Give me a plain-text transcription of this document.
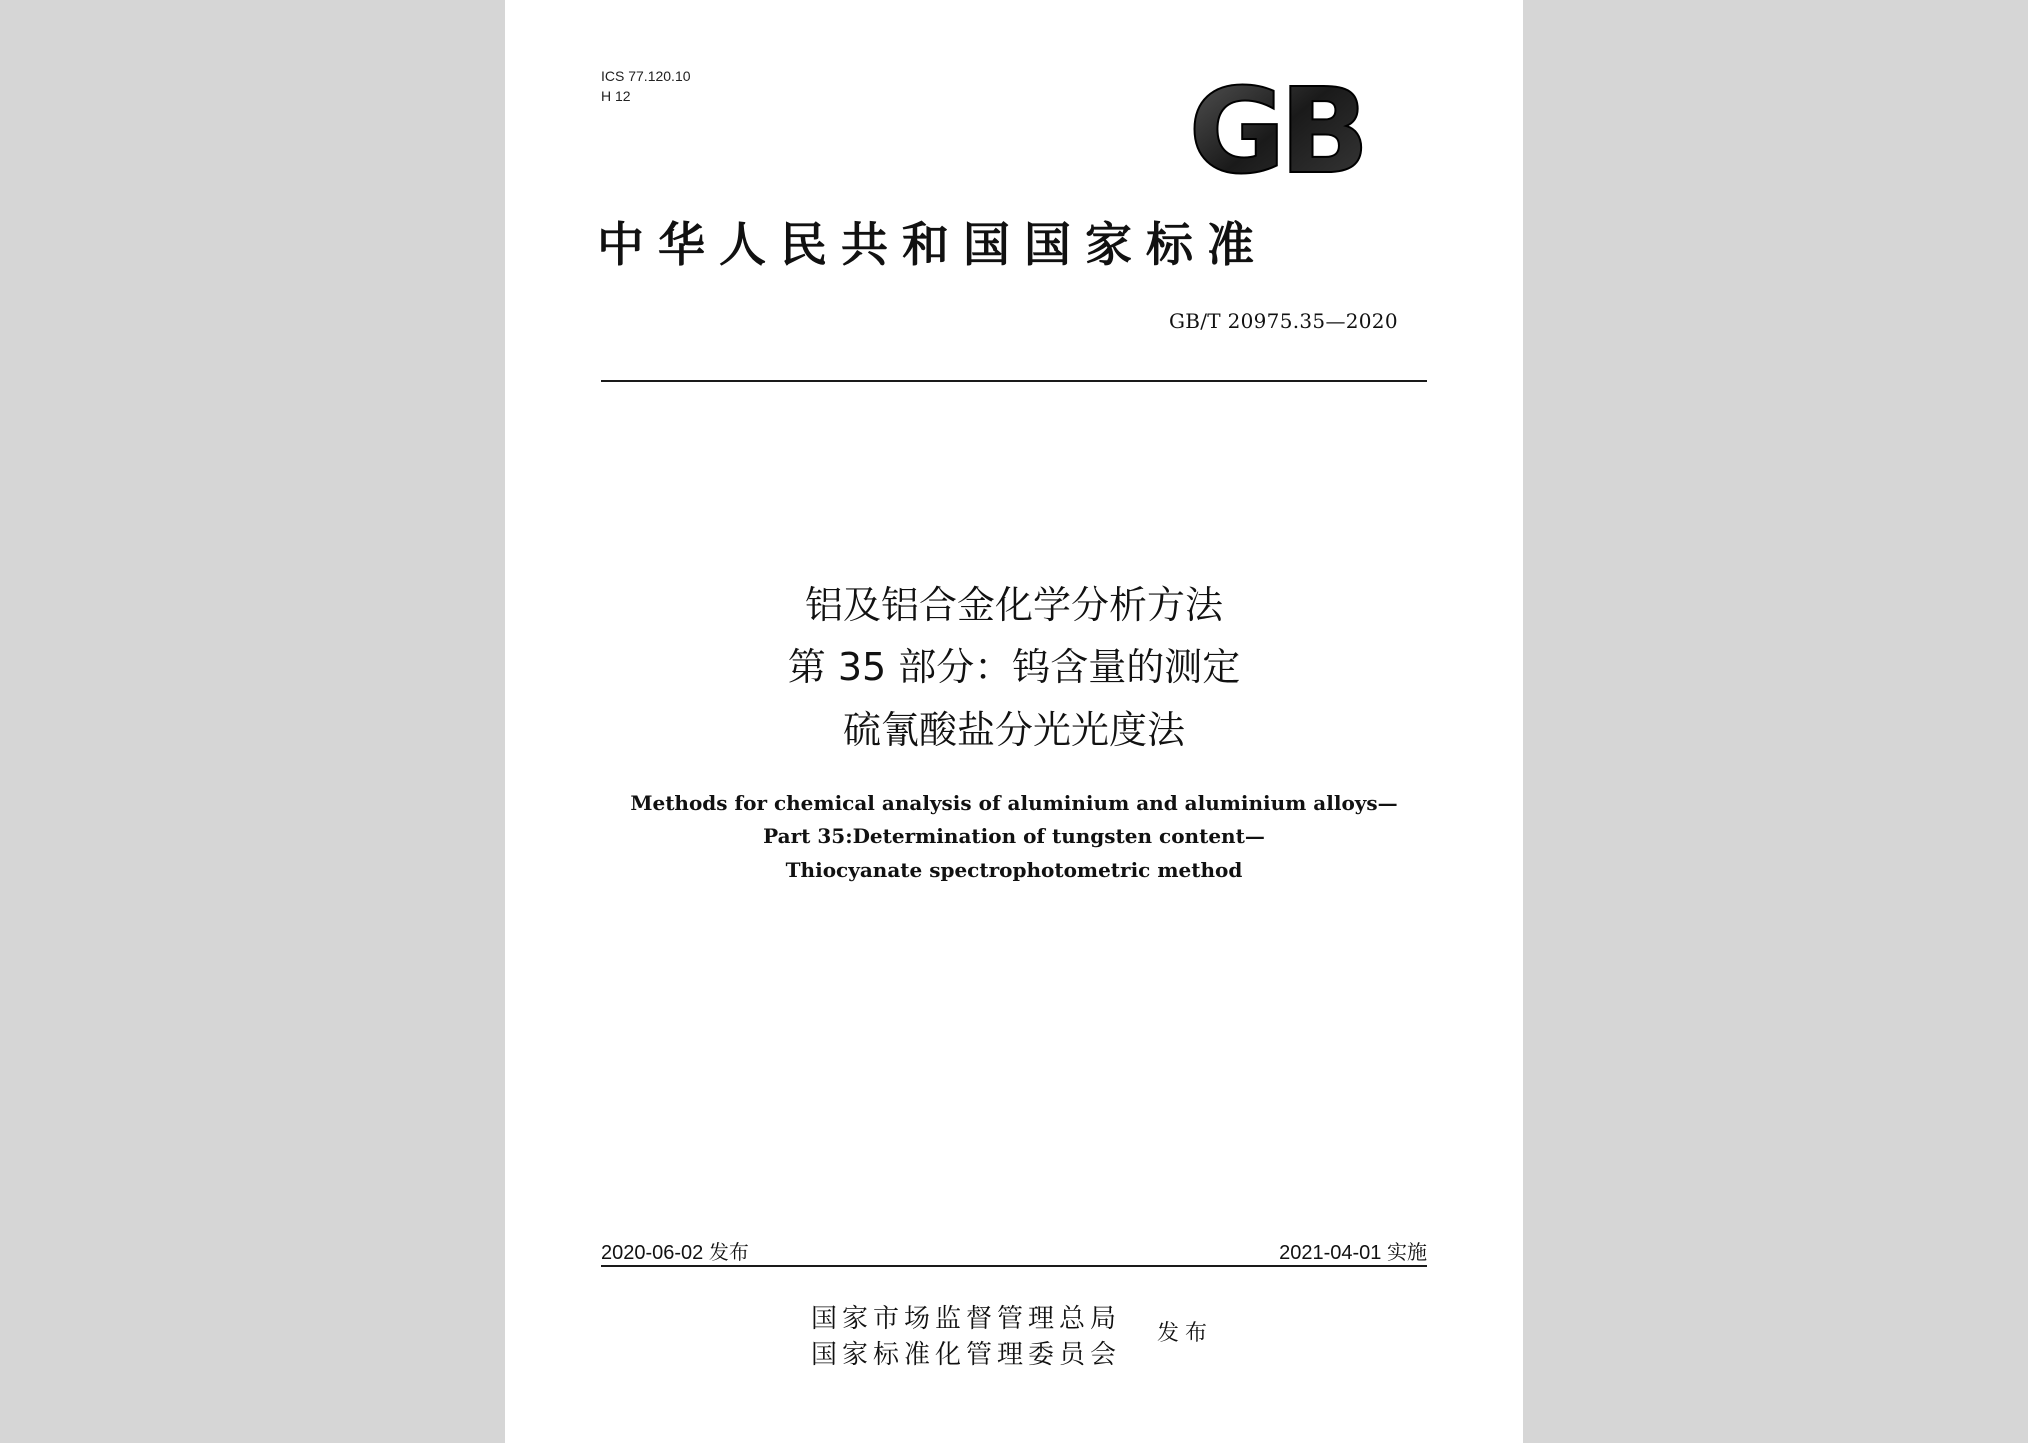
ICS 77.120.10
H 12	GB
中华人民共和国国家标准
GB/T 20975.35—2020
铝及铝合金化学分析方法
第 35 部分：钨含量的测定
硫氰酸盐分光光度法
Methods for chemical analysis of aluminium and aluminium alloys—
Part 35:Determination of tungsten content—
Thiocyanate spectrophotometric method
2020-06-02 发布	2021-04-01 实施
国家市场监督管理总局
国家标准化管理委员会
发布
